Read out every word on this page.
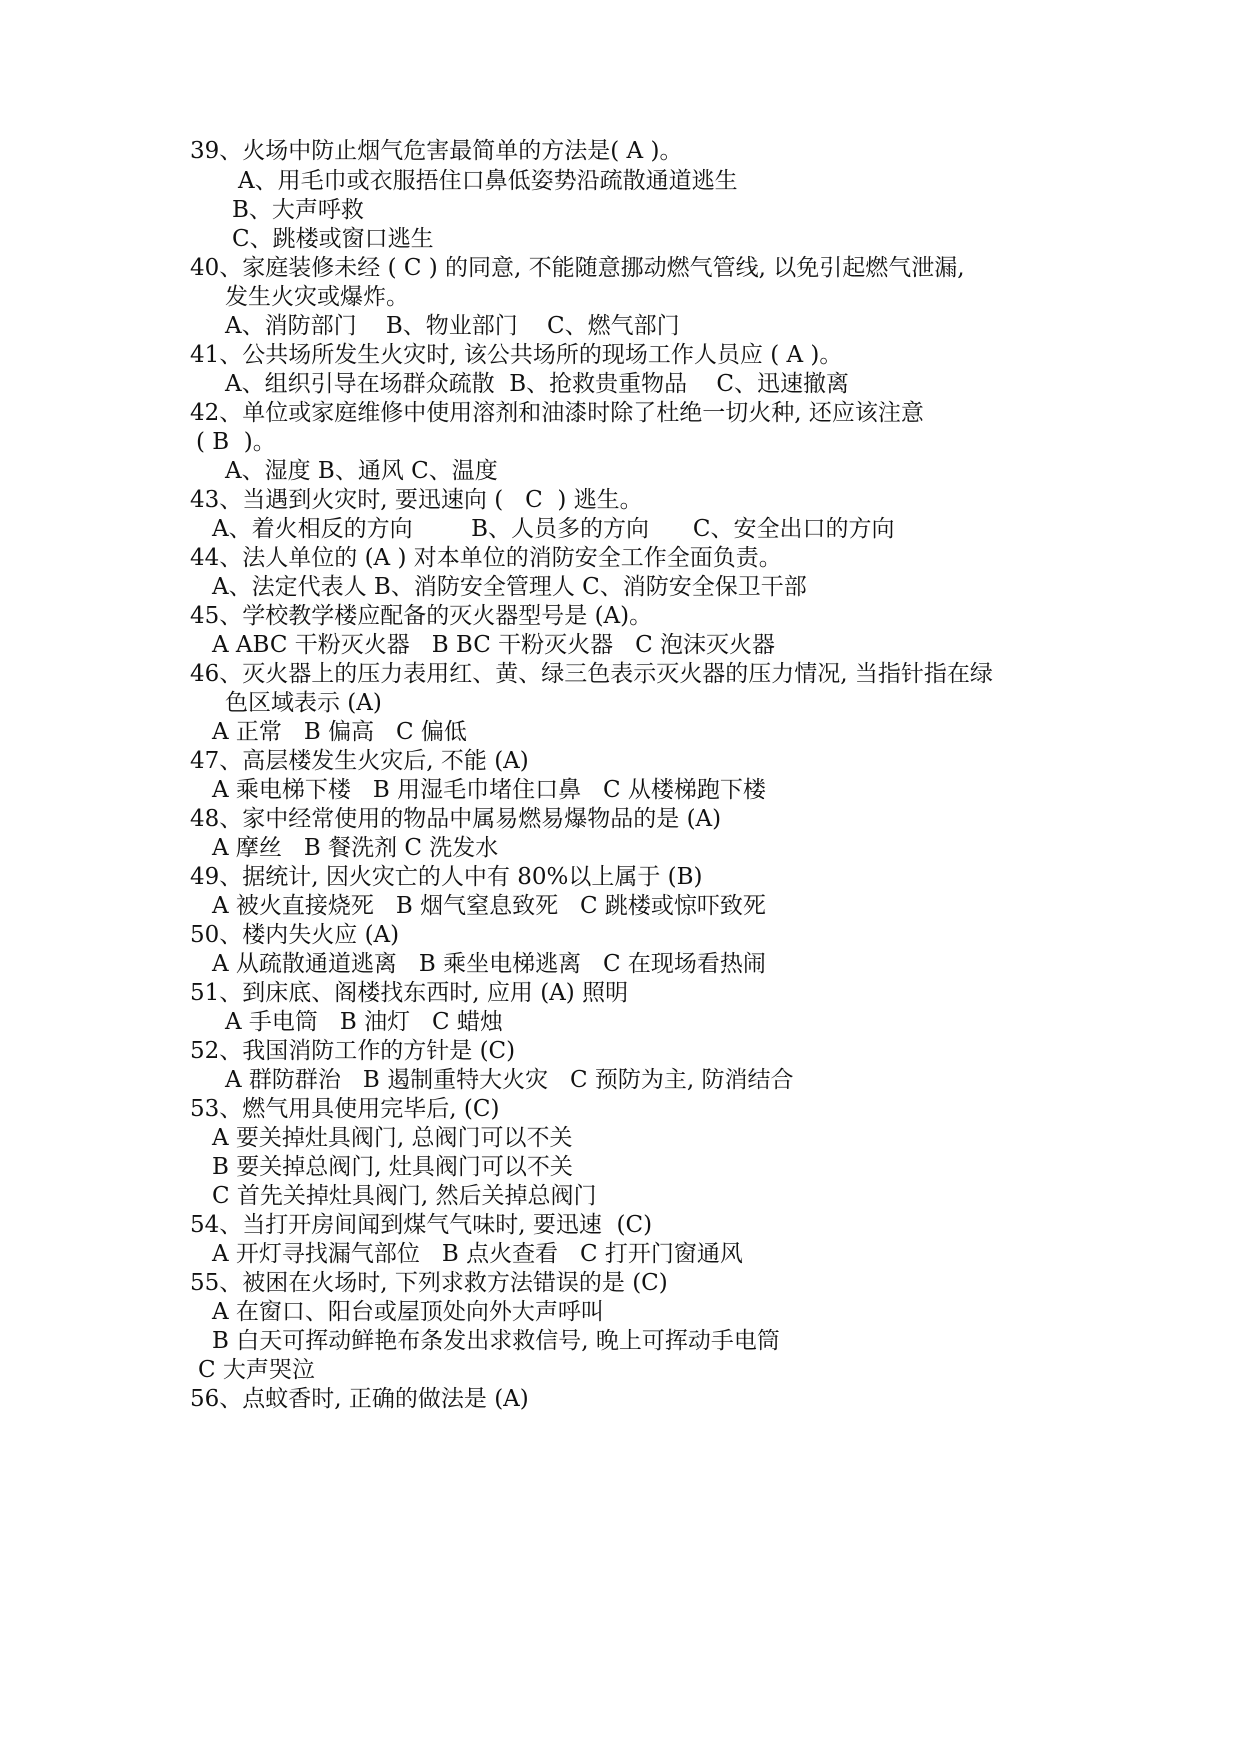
39、火场中防止烟气危害最简单的方法是( A )。
A、用毛巾或衣服捂住口鼻低姿势沿疏散通道逃生
B、大声呼救
C、跳楼或窗口逃生
40、家庭装修未经 ( C ) 的同意, 不能随意挪动燃气管线, 以免引起燃气泄漏,
发生火灾或爆炸。
A、消防部门    B、物业部门    C、燃气部门
41、公共场所发生火灾时, 该公共场所的现场工作人员应 ( A )。
A、组织引导在场群众疏散  B、抢救贵重物品    C、迅速撤离
42、单位或家庭维修中使用溶剂和油漆时除了杜绝一切火种, 还应该注意
( B  )。
A、湿度 B、通风 C、温度
43、当遇到火灾时, 要迅速向 (   C  ) 逃生。
A、着火相反的方向        B、人员多的方向      C、安全出口的方向
44、法人单位的 (A ) 对本单位的消防安全工作全面负责。
A、法定代表人 B、消防安全管理人 C、消防安全保卫干部
45、学校教学楼应配备的灭火器型号是 (A)。
A ABC 干粉灭火器   B BC 干粉灭火器   C 泡沫灭火器
46、灭火器上的压力表用红、黄、绿三色表示灭火器的压力情况, 当指针指在绿
色区域表示 (A)
A 正常   B 偏高   C 偏低
47、高层楼发生火灾后, 不能 (A)
A 乘电梯下楼   B 用湿毛巾堵住口鼻   C 从楼梯跑下楼
48、家中经常使用的物品中属易燃易爆物品的是 (A)
A 摩丝   B 餐洗剂 C 洗发水
49、据统计, 因火灾亡的人中有 80%以上属于 (B)
A 被火直接烧死   B 烟气窒息致死   C 跳楼或惊吓致死
50、楼内失火应 (A)
A 从疏散通道逃离   B 乘坐电梯逃离   C 在现场看热闹
51、到床底、阁楼找东西时, 应用 (A) 照明
A 手电筒   B 油灯   C 蜡烛
52、我国消防工作的方针是 (C)
A 群防群治   B 遏制重特大火灾   C 预防为主, 防消结合
53、燃气用具使用完毕后, (C)
A 要关掉灶具阀门, 总阀门可以不关
B 要关掉总阀门, 灶具阀门可以不关
C 首先关掉灶具阀门, 然后关掉总阀门
54、当打开房间闻到煤气气味时, 要迅速  (C)
A 开灯寻找漏气部位   B 点火查看   C 打开门窗通风
55、被困在火场时, 下列求救方法错误的是 (C)
A 在窗口、阳台或屋顶处向外大声呼叫
B 白天可挥动鲜艳布条发出求救信号, 晚上可挥动手电筒
C 大声哭泣
56、点蚊香时, 正确的做法是 (A)
